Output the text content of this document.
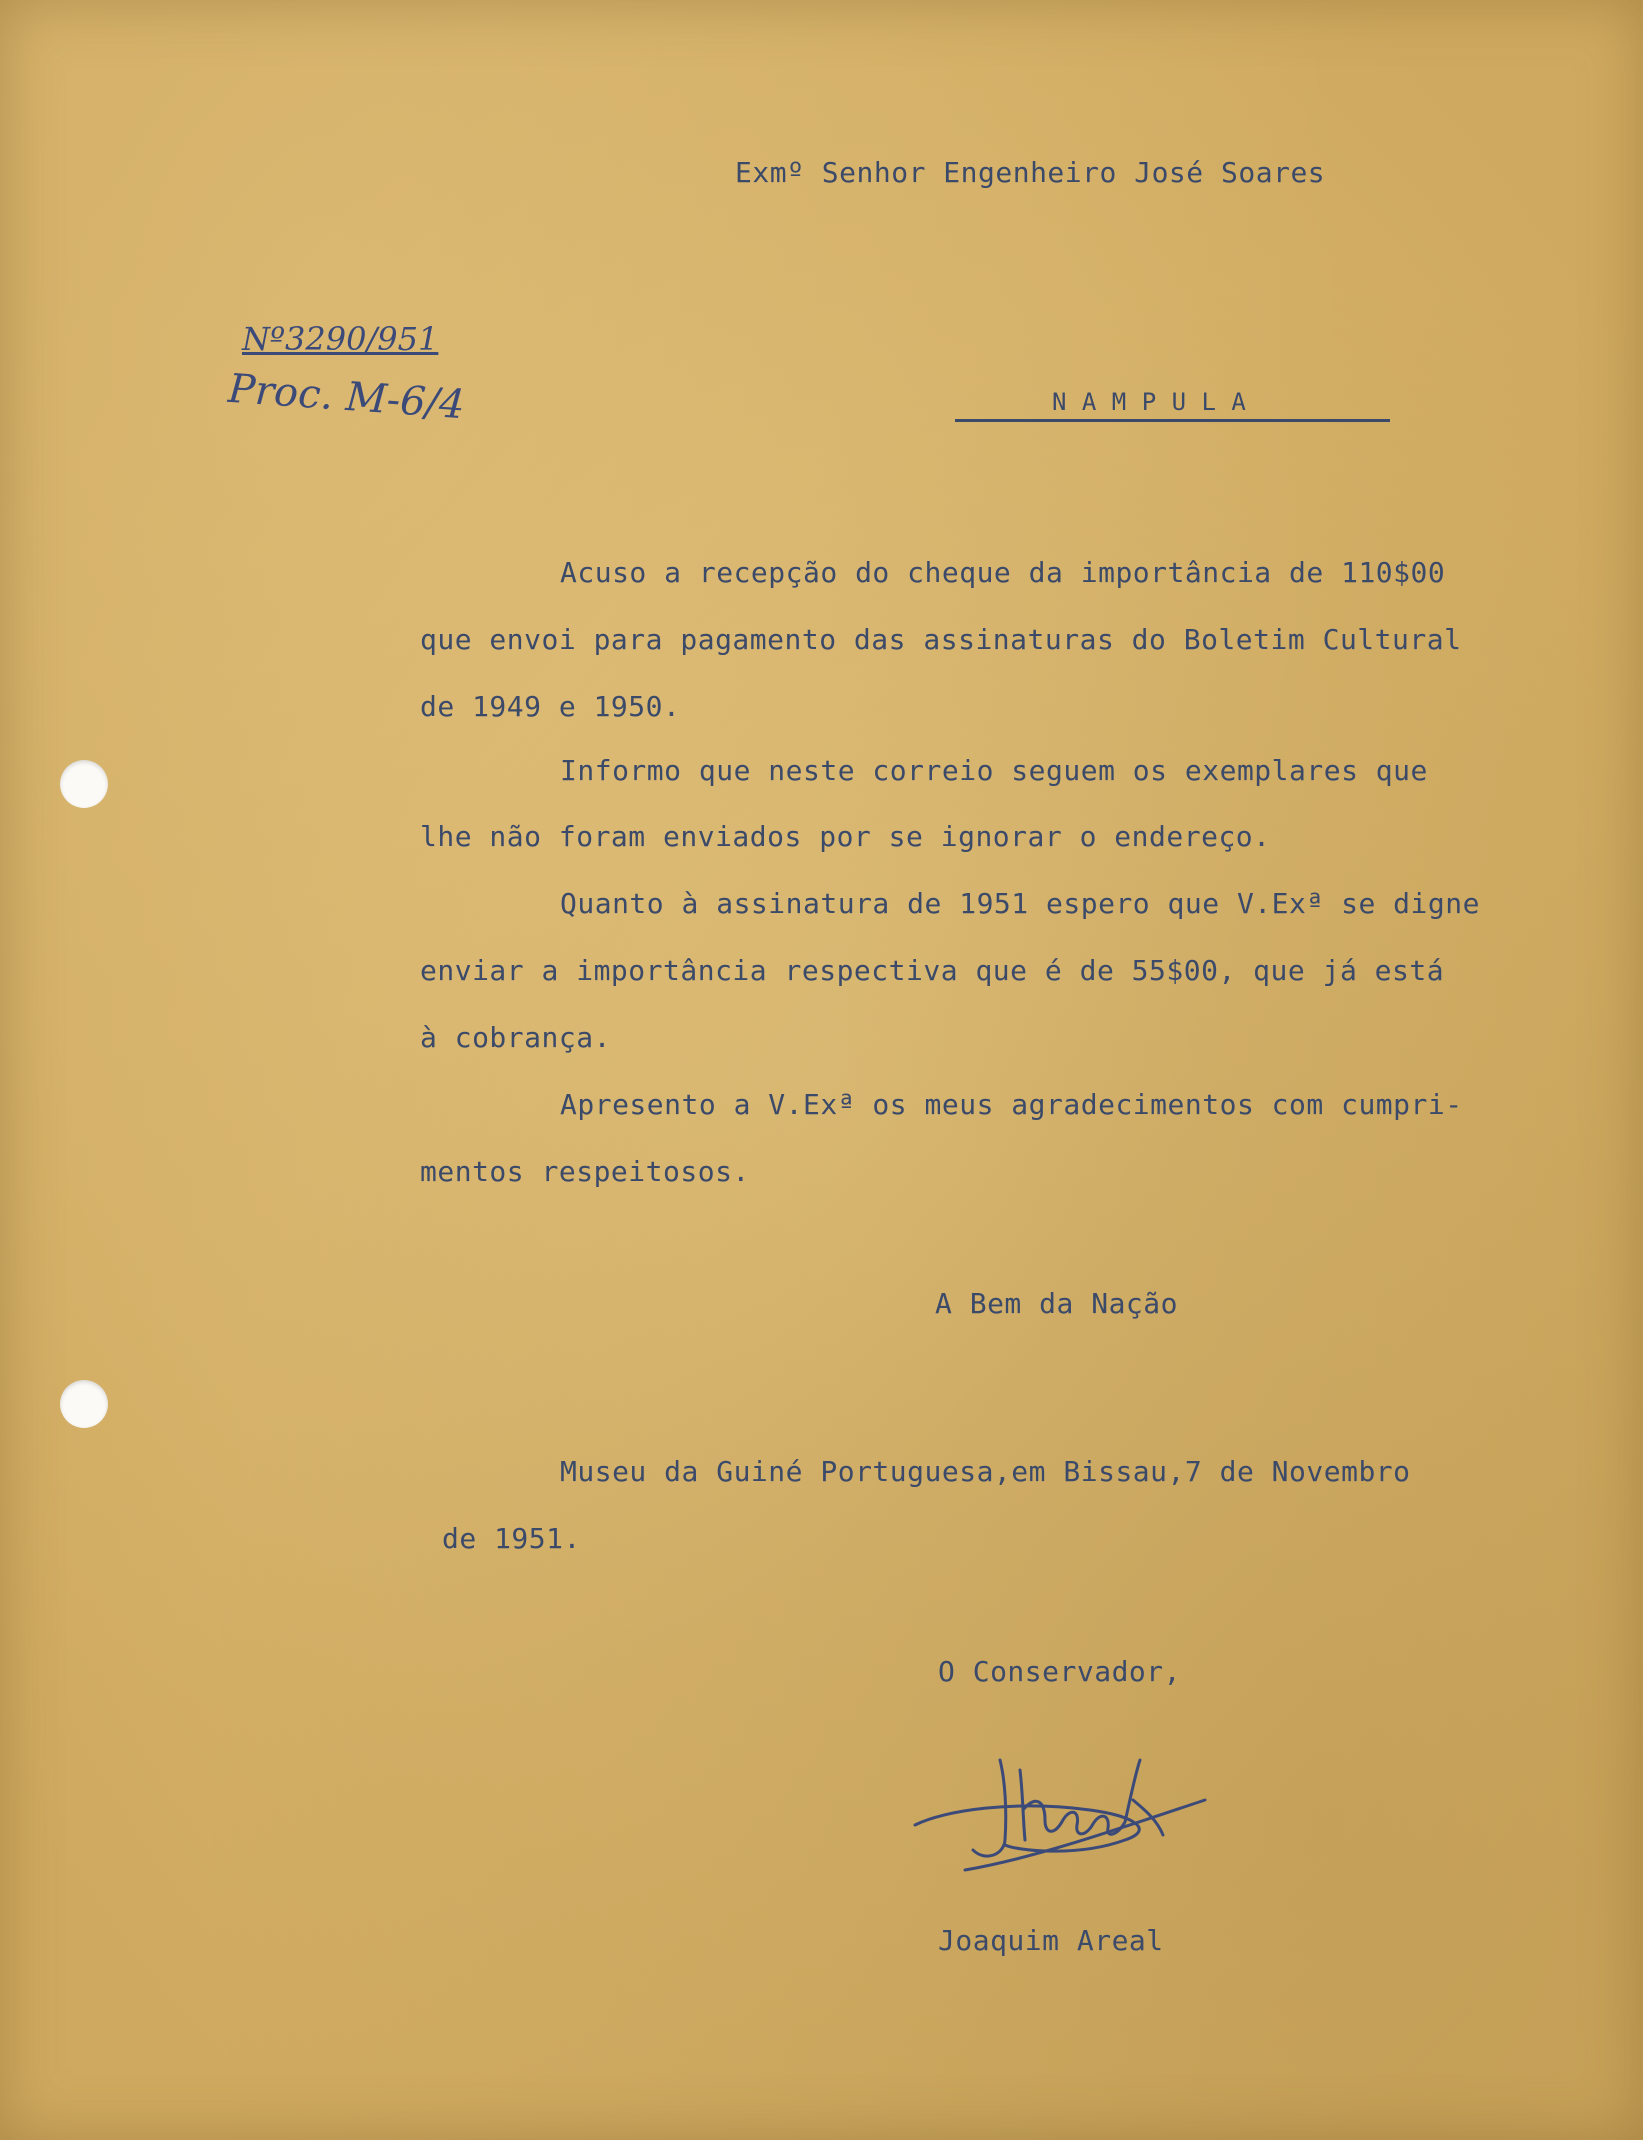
Exmº Senhor Engenheiro José Soares
Nº3290/951
Proc. M-6/4	N A M P U L A
Acuso a recepção do cheque da importância de 110$00
que envoi para pagamento das assinaturas do Boletim Cultural
de 1949 e 1950.
Informo que neste correio seguem os exemplares que
lhe não foram enviados por se ignorar o endereço.
Quanto à assinatura de 1951 espero que V.Exª se digne
enviar a importância respectiva que é de 55$00, que já está
à cobrança.
Apresento a V.Exª os meus agradecimentos com cumpri-
mentos respeitosos.
A Bem da Nação
Museu da Guiné Portuguesa,em Bissau,7 de Novembro
de 1951.
O Conservador,
Joaquim Areal
